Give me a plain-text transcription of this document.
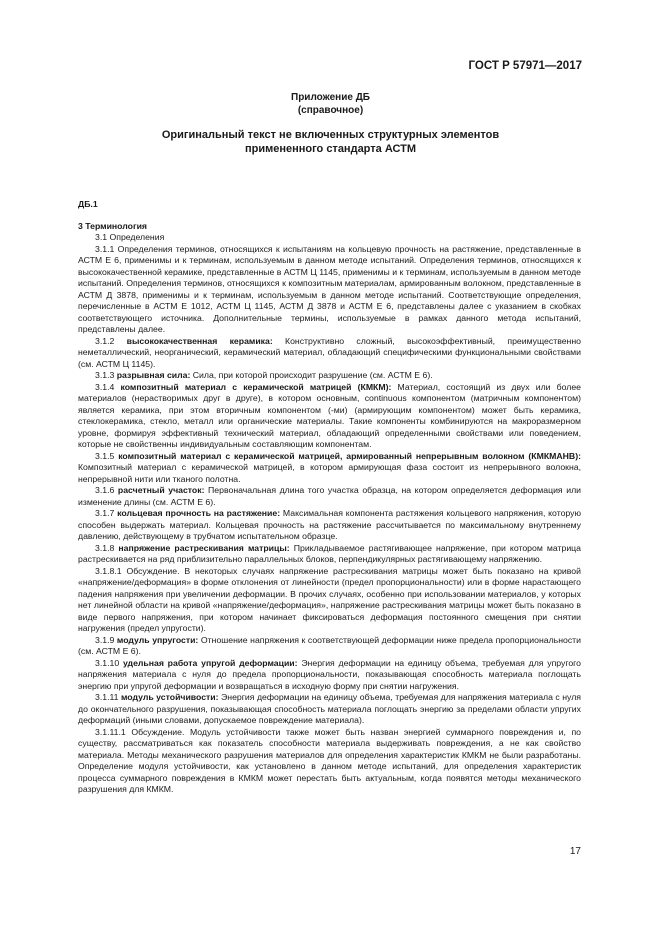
ГОСТ Р 57971—2017
Приложение ДБ
(справочное)
Оригинальный текст не включенных структурных элементов
примененного стандарта АСТМ

ДБ.1

3 Терминология

3.1 Определения

3.1.1 Определения терминов, относящихся к испытаниям на кольцевую прочность на растяжение, представленные в АСТМ Е 6, применимы и к терминам, используемым в данном методе испытаний. Определения терминов, относящихся к высококачественной керамике, представленные в АСТМ Ц 1145, применимы и к терминам, используемым в данном методе испытаний. Определения терминов, относящихся к композитным материалам, армированным волокном, представленные в АСТМ Д 3878, применимы и к терминам, используемым в данном методе испытаний. Соответствующие определения, перечисленные в АСТМ Е 1012, АСТМ Ц 1145, АСТМ Д 3878 и АСТМ Е 6, представлены далее с указанием в скобках соответствующего источника. Дополнительные термины, используемые в рамках данного метода испытаний, представлены далее.

3.1.2 высококачественная керамика: Конструктивно сложный, высокоэффективный, преимущественно неметаллический, неорганический, керамический материал, обладающий специфическими функциональными свойствами (см. АСТМ Ц 1145).

3.1.3 разрывная сила: Сила, при которой происходит разрушение (см. АСТМ Е 6).

3.1.4 композитный материал с керамической матрицей (КМКМ): Материал, состоящий из двух или более материалов (нерастворимых друг в друге), в котором основным, continuous компонентом (матричным компонентом) является керамика, при этом вторичным компонентом (-ми) (армирующим компонентом) может быть керамика, стеклокерамика, стекло, металл или органические материалы. Такие компоненты комбинируются на макроразмерном уровне, формируя эффективный технический материал, обладающий определенными свойствами или поведением, которые не свойственны индивидуальным составляющим компонентам.

3.1.5 композитный материал с керамической матрицей, армированный непрерывным волокном (КМКМАНВ): Композитный материал с керамической матрицей, в котором армирующая фаза состоит из непрерывного волокна, непрерывной нити или тканого полотна.

3.1.6 расчетный участок: Первоначальная длина того участка образца, на котором определяется деформация или изменение длины (см. АСТМ Е 6).

3.1.7 кольцевая прочность на растяжение: Максимальная компонента растяжения кольцевого напряжения, которую способен выдержать материал. Кольцевая прочность на растяжение рассчитывается по максимальному внутреннему давлению, действующему в трубчатом испытательном образце.

3.1.8 напряжение растрескивания матрицы: Прикладываемое растягивающее напряжение, при котором матрица растрескивается на ряд приблизительно параллельных блоков, перпендикулярных растягивающему напряжению.

3.1.8.1 Обсуждение. В некоторых случаях напряжение растрескивания матрицы может быть показано на кривой «напряжение/деформация» в форме отклонения от линейности (предел пропорциональности) или в форме нарастающего падения напряжения при увеличении деформации. В прочих случаях, особенно при использовании материалов, у которых нет линейной области на кривой «напряжение/деформация», напряжение растрескивания матрицы может быть показано в виде первого напряжения, при котором начинает фиксироваться деформация постоянного смещения при снятии нагружения (предел упругости).

3.1.9 модуль упругости: Отношение напряжения к соответствующей деформации ниже предела пропорциональности (см. АСТМ Е 6).

3.1.10 удельная работа упругой деформации: Энергия деформации на единицу объема, требуемая для упругого напряжения материала с нуля до предела пропорциональности, показывающая способность материала поглощать энергию при упругой деформации и возвращаться в исходную форму при снятии нагружения.

3.1.11 модуль устойчивости: Энергия деформации на единицу объема, требуемая для напряжения материала с нуля до окончательного разрушения, показывающая способность материала поглощать энергию за пределами области упругих деформаций (иными словами, допускаемое повреждение материала).

3.1.11.1 Обсуждение. Модуль устойчивости также может быть назван энергией суммарного повреждения и, по существу, рассматриваться как показатель способности материала выдерживать повреждения, а не как свойство материала. Методы механического разрушения материалов для определения характеристик КМКМ не были разработаны. Определение модуля устойчивости, как установлено в данном методе испытаний, для определения характеристик процесса суммарного повреждения в КМКМ может перестать быть актуальным, когда появятся методы механического разрушения для КМКМ.

17
